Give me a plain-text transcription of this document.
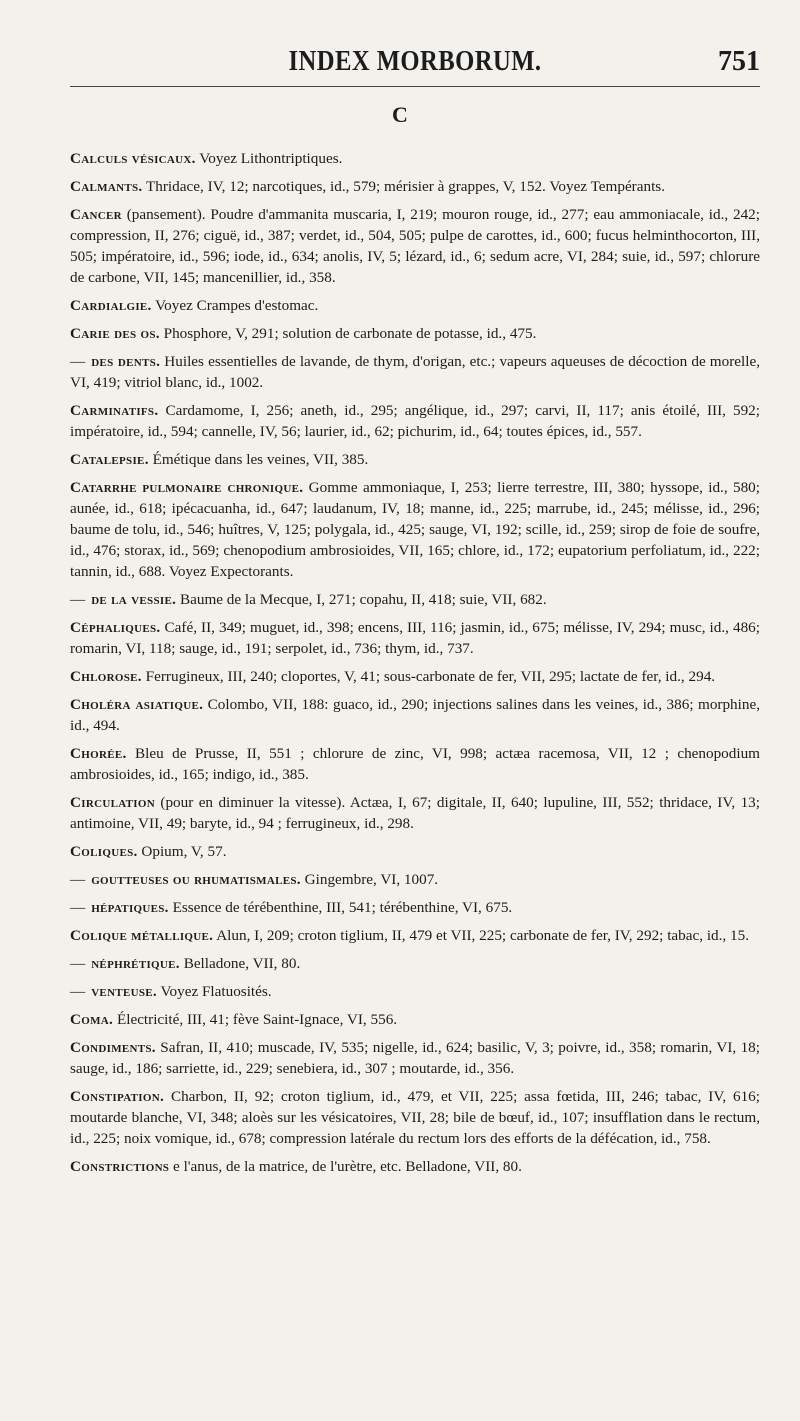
INDEX MORBORUM.	751
C

Calculs vésicaux. Voyez Lithontriptiques.

Calmants. Thridace, IV, 12; narcotiques, id., 579; mérisier à grappes, V, 152. Voyez Tempérants.

Cancer (pansement). Poudre d'ammanita muscaria, I, 219; mouron rouge, id., 277; eau ammoniacale, id., 242; compression, II, 276; ciguë, id., 387; verdet, id., 504, 505; pulpe de carottes, id., 600; fucus helminthocorton, III, 505; impératoire, id., 596; iode, id., 634; anolis, IV, 5; lézard, id., 6; sedum acre, VI, 284; suie, id., 597; chlorure de carbone, VII, 145; mancenillier, id., 358.

Cardialgie. Voyez Crampes d'estomac.

Carie des os. Phosphore, V, 291; solution de carbonate de potasse, id., 475.

— des dents. Huiles essentielles de lavande, de thym, d'origan, etc.; vapeurs aqueuses de décoction de morelle, VI, 419; vitriol blanc, id., 1002.

Carminatifs. Cardamome, I, 256; aneth, id., 295; angélique, id., 297; carvi, II, 117; anis étoilé, III, 592; impératoire, id., 594; cannelle, IV, 56; laurier, id., 62; pichurim, id., 64; toutes épices, id., 557.

Catalepsie. Émétique dans les veines, VII, 385.

Catarrhe pulmonaire chronique. Gomme ammoniaque, I, 253; lierre terrestre, III, 380; hyssope, id., 580; aunée, id., 618; ipécacuanha, id., 647; laudanum, IV, 18; manne, id., 225; marrube, id., 245; mélisse, id., 296; baume de tolu, id., 546; huîtres, V, 125; polygala, id., 425; sauge, VI, 192; scille, id., 259; sirop de foie de soufre, id., 476; storax, id., 569; chenopodium ambrosioides, VII, 165; chlore, id., 172; eupatorium perfoliatum, id., 222; tannin, id., 688. Voyez Expectorants.

— de la vessie. Baume de la Mecque, I, 271; copahu, II, 418; suie, VII, 682.

Céphaliques. Café, II, 349; muguet, id., 398; encens, III, 116; jasmin, id., 675; mélisse, IV, 294; musc, id., 486; romarin, VI, 118; sauge, id., 191; serpolet, id., 736; thym, id., 737.

Chlorose. Ferrugineux, III, 240; cloportes, V, 41; sous-carbonate de fer, VII, 295; lactate de fer, id., 294.

Choléra asiatique. Colombo, VII, 188: guaco, id., 290; injections salines dans les veines, id., 386; morphine, id., 494.

Chorée. Bleu de Prusse, II, 551 ; chlorure de zinc, VI, 998; actæa racemosa, VII, 12 ; chenopodium ambrosioides, id., 165; indigo, id., 385.

Circulation (pour en diminuer la vitesse). Actæa, I, 67; digitale, II, 640; lupuline, III, 552; thridace, IV, 13; antimoine, VII, 49; baryte, id., 94 ; ferrugineux, id., 298.

Coliques. Opium, V, 57.

— goutteuses ou rhumatismales. Gingembre, VI, 1007.

— hépatiques. Essence de térébenthine, III, 541; térébenthine, VI, 675.

Colique métallique. Alun, I, 209; croton tiglium, II, 479 et VII, 225; carbonate de fer, IV, 292; tabac, id., 15.

— néphrétique. Belladone, VII, 80.

— venteuse. Voyez Flatuosités.

Coma. Électricité, III, 41; fève Saint-Ignace, VI, 556.

Condiments. Safran, II, 410; muscade, IV, 535; nigelle, id., 624; basilic, V, 3; poivre, id., 358; romarin, VI, 18; sauge, id., 186; sarriette, id., 229; senebiera, id., 307 ; moutarde, id., 356.

Constipation. Charbon, II, 92; croton tiglium, id., 479, et VII, 225; assa fœtida, III, 246; tabac, IV, 616; moutarde blanche, VI, 348; aloès sur les vésicatoires, VII, 28; bile de bœuf, id., 107; insufflation dans le rectum, id., 225; noix vomique, id., 678; compression latérale du rectum lors des efforts de la défécation, id., 758.

Constrictions e l'anus, de la matrice, de l'urètre, etc. Belladone, VII, 80.
